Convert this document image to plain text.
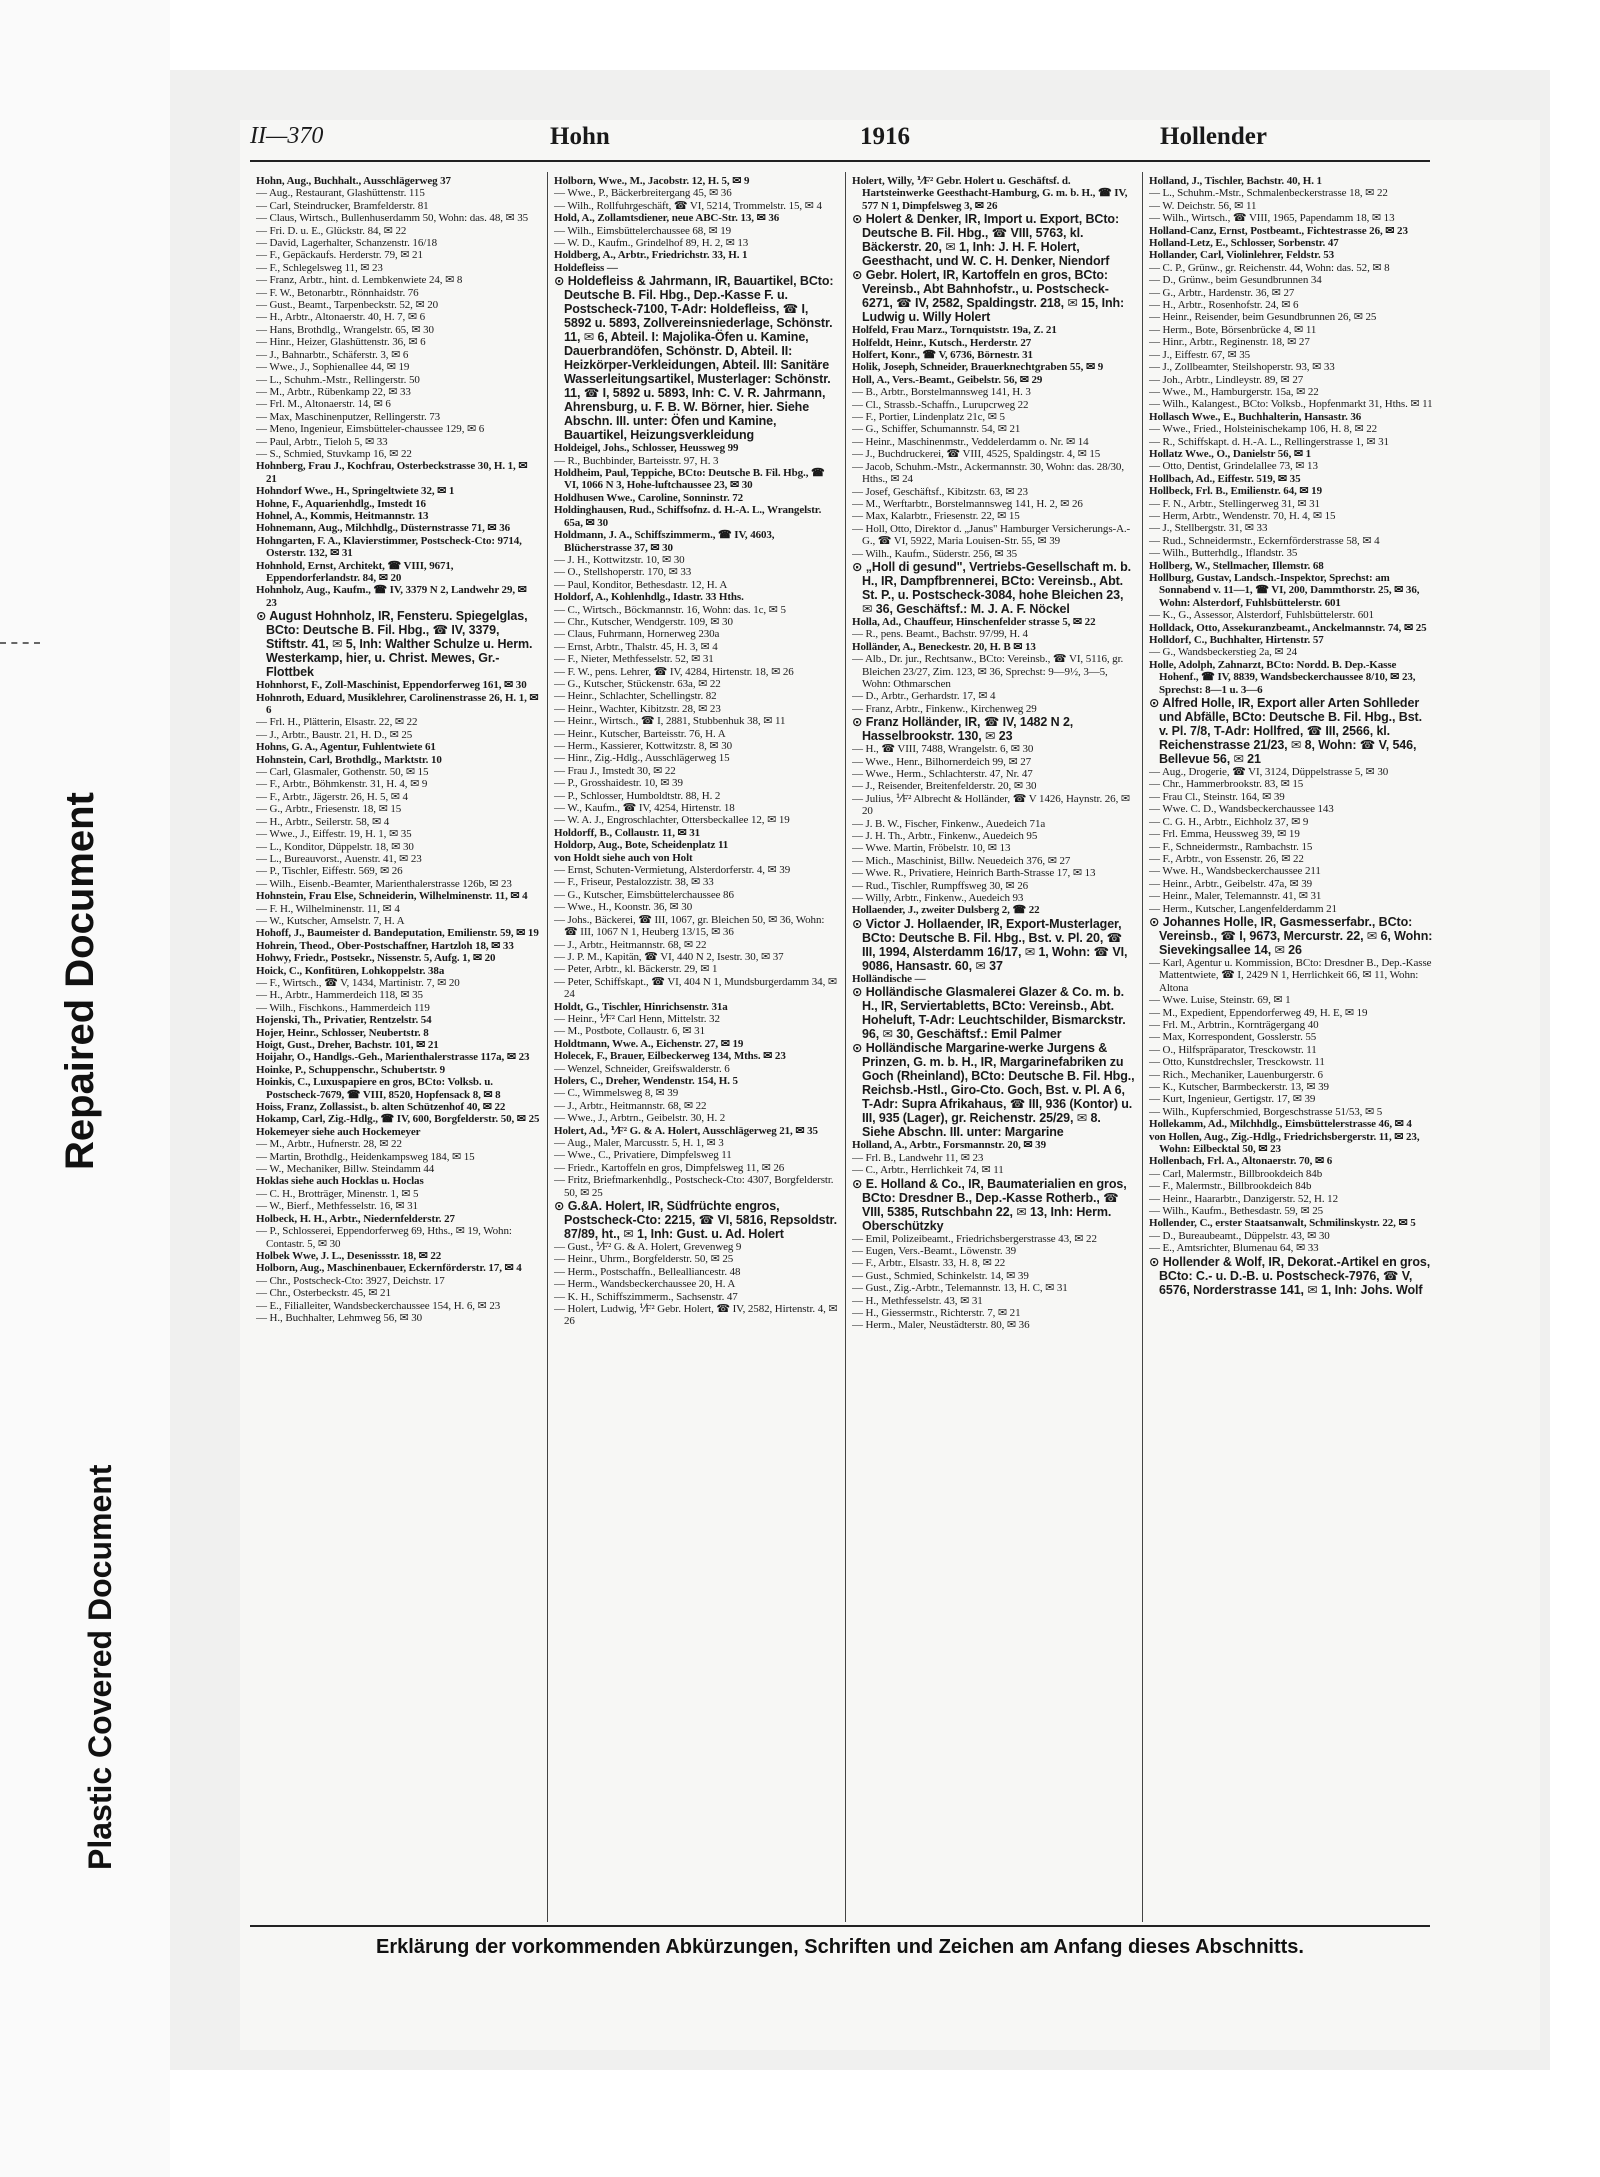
Repaired Document
Plastic Covered Document
II—370	Hohn	1916	Hollender

Hohn, Aug., Buchhalt., Ausschlägerweg 37

— Aug., Restaurant, Glashüttenstr. 115

— Carl, Steindrucker, Bramfelderstr. 81

— Claus, Wirtsch., Bullenhuserdamm 50, Wohn: das. 48, ✉ 35

— Fri. D. u. E., Glückstr. 84, ✉ 22

— David, Lagerhalter, Schanzenstr. 16/18

— F., Gepäckaufs. Herderstr. 79, ✉ 21

— F., Schlegelsweg 11, ✉ 23

— Franz, Arbtr., hint. d. Lembkenwiete 24, ✉ 8

— F. W., Betonarbtr., Rönnhaidstr. 76

— Gust., Beamt., Tarpenbeckstr. 52, ✉ 20

— H., Arbtr., Altonaerstr. 40, H. 7, ✉ 6

— Hans, Brothdlg., Wrangelstr. 65, ✉ 30

— Hinr., Heizer, Glashüttenstr. 36, ✉ 6

— J., Bahnarbtr., Schäferstr. 3, ✉ 6

— Wwe., J., Sophienallee 44, ✉ 19

— L., Schuhm.-Mstr., Rellingerstr. 50

— M., Arbtr., Rübenkamp 22, ✉ 33

— Frl. M., Altonaerstr. 14, ✉ 6

— Max, Maschinenputzer, Rellingerstr. 73

— Meno, Ingenieur, Eimsbütteler-chaussee 129, ✉ 6

— Paul, Arbtr., Tieloh 5, ✉ 33

— S., Schmied, Stuvkamp 16, ✉ 22

Hohnberg, Frau J., Kochfrau, Osterbeckstrasse 30, H. 1, ✉ 21

Hohndorf Wwe., H., Springeltwiete 32, ✉ 1

Hohne, F., Aquarienhdlg., Imstedt 16

Hohnel, A., Kommis, Heitmannstr. 13

Hohnemann, Aug., Milchhdlg., Düsternstrasse 71, ✉ 36

Hohngarten, F. A., Klavierstimmer, Postscheck-Cto: 9714, Osterstr. 132, ✉ 31

Hohnhold, Ernst, Architekt, ☎ VIII, 9671, Eppendorferlandstr. 84, ✉ 20

Hohnholz, Aug., Kaufm., ☎ IV, 3379 N 2, Landwehr 29, ✉ 23

⊙ August Hohnholz, IR, Fensteru. Spiegelglas, BCto: Deutsche B. Fil. Hbg., ☎ IV, 3379, Stiftstr. 41, ✉ 5, Inh: Walther Schulze u. Herm. Westerkamp, hier, u. Christ. Mewes, Gr.-Flottbek

Hohnhorst, F., Zoll-Maschinist, Eppendorferweg 161, ✉ 30

Hohnroth, Eduard, Musiklehrer, Carolinenstrasse 26, H. 1, ✉ 6

— Frl. H., Plätterin, Elsastr. 22, ✉ 22

— J., Arbtr., Baustr. 21, H. D., ✉ 25

Hohns, G. A., Agentur, Fuhlentwiete 61

Hohnstein, Carl, Brothdlg., Marktstr. 10

— Carl, Glasmaler, Gothenstr. 50, ✉ 15

— F., Arbtr., Böhmkenstr. 31, H. 4, ✉ 9

— F., Arbtr., Jägerstr. 26, H. 5, ✉ 4

— G., Arbtr., Friesenstr. 18, ✉ 15

— H., Arbtr., Seilerstr. 58, ✉ 4

— Wwe., J., Eiffestr. 19, H. 1, ✉ 35

— L., Konditor, Düppelstr. 18, ✉ 30

— L., Bureauvorst., Auenstr. 41, ✉ 23

— P., Tischler, Eiffestr. 569, ✉ 26

— Wilh., Eisenb.-Beamter, Marienthalerstrasse 126b, ✉ 23

Hohnstein, Frau Else, Schneiderin, Wilhelminenstr. 11, ✉ 4

— F. H., Wilhelminenstr. 11, ✉ 4

— W., Kutscher, Amselstr. 7, H. A

Hohoff, J., Baumeister d. Bandeputation, Emilienstr. 59, ✉ 19

Hohrein, Theod., Ober-Postschaffner, Hartzloh 18, ✉ 33

Hohwy, Friedr., Postsekr., Nissenstr. 5, Aufg. 1, ✉ 20

Hoick, C., Konfitüren, Lohkoppelstr. 38a

— F., Wirtsch., ☎ V, 1434, Martinistr. 7, ✉ 20

— H., Arbtr., Hammerdeich 118, ✉ 35

— Wilh., Fischkons., Hammerdeich 119

Hojenski, Th., Privatier, Rentzelstr. 54

Hojer, Heinr., Schlosser, Neubertstr. 8

Hoigt, Gust., Dreher, Bachstr. 101, ✉ 21

Hoijahr, O., Handlgs.-Geh., Marienthalerstrasse 117a, ✉ 23

Hoinke, P., Schuppenschr., Schubertstr. 9

Hoinkis, C., Luxuspapiere en gros, BCto: Volksb. u. Postscheck-7679, ☎ VIII, 8520, Hopfensack 8, ✉ 8

Hoiss, Franz, Zollassist., b. alten Schützenhof 40, ✉ 22

Hokamp, Carl, Zig.-Hdlg., ☎ IV, 600, Borgfelderstr. 50, ✉ 25

Hokemeyer siehe auch Hockemeyer

— M., Arbtr., Hufnerstr. 28, ✉ 22

— Martin, Brothdlg., Heidenkampsweg 184, ✉ 15

— W., Mechaniker, Billw. Steindamm 44

Hoklas siehe auch Hocklas u. Hoclas

— C. H., Brotträger, Minenstr. 1, ✉ 5

— W., Bierf., Methfesselstr. 16, ✉ 31

Holbeck, H. H., Arbtr., Niedernfelderstr. 27

— P., Schlosserei, Eppendorferweg 69, Hths., ✉ 19, Wohn: Contastr. 5, ✉ 30

Holbek Wwe, J. L., Desenissstr. 18, ✉ 22

Holborn, Aug., Maschinenbauer, Eckernförderstr. 17, ✉ 4

— Chr., Postscheck-Cto: 3927, Deichstr. 17

— Chr., Osterbeckstr. 45, ✉ 21

— E., Filialleiter, Wandsbeckerchaussee 154, H. 6, ✉ 23

— H., Buchhalter, Lehmweg 56, ✉ 30

Holborn, Wwe., M., Jacobstr. 12, H. 5, ✉ 9

— Wwe., P., Bäckerbreitergang 45, ✉ 36

— Wilh., Rollfuhrgeschäft, ☎ VI, 5214, Trommelstr. 15, ✉ 4

Hold, A., Zollamtsdiener, neue ABC-Str. 13, ✉ 36

— Wilh., Eimsbüttelerchaussee 68, ✉ 19

— W. D., Kaufm., Grindelhof 89, H. 2, ✉ 13

Holdberg, A., Arbtr., Friedrichstr. 33, H. 1

Holdefleiss —

⊙ Holdefleiss & Jahrmann, IR, Bauartikel, BCto: Deutsche B. Fil. Hbg., Dep.-Kasse F. u. Postscheck-7100, T-Adr: Holdefleiss, ☎ I, 5892 u. 5893, Zollvereinsniederlage, Schönstr. 11, ✉ 6, Abteil. I: Majolika-Öfen u. Kamine, Dauerbrandöfen, Schönstr. D, Abteil. II: Heizkörper-Verkleidungen, Abteil. III: Sanitäre Wasserleitungsartikel, Musterlager: Schönstr. 11, ☎ I, 5892 u. 5893, Inh: C. V. R. Jahrmann, Ahrensburg, u. F. B. W. Börner, hier. Siehe Abschn. III. unter: Öfen und Kamine, Bauartikel, Heizungsverkleidung

Holdeigel, Johs., Schlosser, Heussweg 99

— R., Buchbinder, Barteisstr. 97, H. 3

Holdheim, Paul, Teppiche, BCto: Deutsche B. Fil. Hbg., ☎ VI, 1066 N 3, Hohe-luftchaussee 23, ✉ 30

Holdhusen Wwe., Caroline, Sonninstr. 72

Holdinghausen, Rud., Schiffsofnz. d. H.-A. L., Wrangelstr. 65a, ✉ 30

Holdmann, J. A., Schiffszimmerm., ☎ IV, 4603, Blücherstrasse 37, ✉ 30

— J. H., Kottwitzstr. 10, ✉ 30

— O., Stellshoperstr. 170, ✉ 33

— Paul, Konditor, Bethesdastr. 12, H. A

Holdorf, A., Kohlenhdlg., Idastr. 33 Hths.

— C., Wirtsch., Böckmannstr. 16, Wohn: das. 1c, ✉ 5

— Chr., Kutscher, Wendgerstr. 109, ✉ 30

— Claus, Fuhrmann, Hornerweg 230a

— Ernst, Arbtr., Thalstr. 45, H. 3, ✉ 4

— F., Nieter, Methfesselstr. 52, ✉ 31

— F. W., pens. Lehrer, ☎ IV, 4284, Hirtenstr. 18, ✉ 26

— G., Kutscher, Stückenstr. 63a, ✉ 22

— Heinr., Schlachter, Schellingstr. 82

— Heinr., Wachter, Kibitzstr. 28, ✉ 23

— Heinr., Wirtsch., ☎ I, 2881, Stubbenhuk 38, ✉ 11

— Heinr., Kutscher, Barteisstr. 76, H. A

— Herm., Kassierer, Kottwitzstr. 8, ✉ 30

— Hinr., Zig.-Hdlg., Ausschlägerweg 15

— Frau J., Imstedt 30, ✉ 22

— P., Grosshaidestr. 10, ✉ 39

— P., Schlosser, Humboldtstr. 88, H. 2

— W., Kaufm., ☎ IV, 4254, Hirtenstr. 18

— W. A. J., Engroschlachter, Ottersbeckallee 12, ✉ 19

Holdorff, B., Collaustr. 11, ✉ 31

Holdorp, Aug., Bote, Scheidenplatz 11

von Holdt siehe auch von Holt

— Ernst, Schuten-Vermietung, Alsterdorferstr. 4, ✉ 39

— F., Friseur, Pestalozzistr. 38, ✉ 33

— G., Kutscher, Eimsbüttelerchaussee 86

— Wwe., H., Koonstr. 36, ✉ 30

— Johs., Bäckerei, ☎ III, 1067, gr. Bleichen 50, ✉ 36, Wohn: ☎ III, 1067 N 1, Heuberg 13/15, ✉ 36

— J., Arbtr., Heitmannstr. 68, ✉ 22

— J. P. M., Kapitän, ☎ VI, 440 N 2, Isestr. 30, ✉ 37

— Peter, Arbtr., kl. Bäckerstr. 29, ✉ 1

— Peter, Schiffskapt., ☎ VI, 404 N 1, Mundsburgerdamm 34, ✉ 24

Holdt, G., Tischler, Hinrichsenstr. 31a

— Heinr., ⅟F² Carl Henn, Mittelstr. 32

— M., Postbote, Collaustr. 6, ✉ 31

Holdtmann, Wwe. A., Eichenstr. 27, ✉ 19

Holecek, F., Brauer, Eilbeckerweg 134, Mths. ✉ 23

— Wenzel, Schneider, Greifswalderstr. 6

Holers, C., Dreher, Wendenstr. 154, H. 5

— C., Wimmelsweg 8, ✉ 39

— J., Arbtr., Heitmannstr. 68, ✉ 22

— Wwe., J., Arbtrn., Geibelstr. 30, H. 2

Holert, Ad., ⅟F² G. & A. Holert, Ausschlägerweg 21, ✉ 35

— Aug., Maler, Marcusstr. 5, H. 1, ✉ 3

— Wwe., C., Privatiere, Dimpfelsweg 11

— Friedr., Kartoffeln en gros, Dimpfelsweg 11, ✉ 26

— Fritz, Briefmarkenhdlg., Postscheck-Cto: 4307, Borgfelderstr. 50, ✉ 25

⊙ G.&A. Holert, IR, Südfrüchte engros, Postscheck-Cto: 2215, ☎ VI, 5816, Repsoldstr. 87/89, ht., ✉ 1, Inh: Gust. u. Ad. Holert

— Gust., ⅟F² G. & A. Holert, Grevenweg 9

— Heinr., Uhrm., Borgfelderstr. 50, ✉ 25

— Herm., Postschaffn., Bellealliancestr. 48

— Herm., Wandsbeckerchaussee 20, H. A

— K. H., Schiffszimmerm., Sachsenstr. 47

— Holert, Ludwig, ⅟F² Gebr. Holert, ☎ IV, 2582, Hirtenstr. 4, ✉ 26

Holert, Willy, ⅟F² Gebr. Holert u. Geschäftsf. d. Hartsteinwerke Geesthacht-Hamburg, G. m. b. H., ☎ IV, 577 N 1, Dimpfelsweg 3, ✉ 26

⊙ Holert & Denker, IR, Import u. Export, BCto: Deutsche B. Fil. Hbg., ☎ VIII, 5763, kl. Bäckerstr. 20, ✉ 1, Inh: J. H. F. Holert, Geesthacht, und W. C. H. Denker, Niendorf

⊙ Gebr. Holert, IR, Kartoffeln en gros, BCto: Vereinsb., Abt Bahnhofstr., u. Postscheck-6271, ☎ IV, 2582, Spaldingstr. 218, ✉ 15, Inh: Ludwig u. Willy Holert

Holfeld, Frau Marz., Tornquiststr. 19a, Z. 21

Holfeldt, Heinr., Kutsch., Herderstr. 27

Holfert, Konr., ☎ V, 6736, Börnestr. 31

Holik, Joseph, Schneider, Brauerknechtgraben 55, ✉ 9

Holl, A., Vers.-Beamt., Geibelstr. 56, ✉ 29

— B., Arbtr., Borstelmannsweg 141, H. 3

— Cl., Strassb.-Schaffn., Lurupcrweg 22

— F., Portier, Lindenplatz 21c, ✉ 5

— G., Schiffer, Schumannstr. 54, ✉ 21

— Heinr., Maschinenmstr., Veddelerdamm o. Nr. ✉ 14

— J., Buchdruckerei, ☎ VIII, 4525, Spaldingstr. 4, ✉ 15

— Jacob, Schuhm.-Mstr., Ackermannstr. 30, Wohn: das. 28/30, Hths., ✉ 24

— Josef, Geschäftsf., Kibitzstr. 63, ✉ 23

— M., Werftarbtr., Borstelmannsweg 141, H. 2, ✉ 26

— Max, Kalarbtr., Friesenstr. 22, ✉ 15

— Holl, Otto, Direktor d. „Janus" Hamburger Versicherungs-A.-G., ☎ VI, 5922, Maria Louisen-Str. 55, ✉ 39

— Wilh., Kaufm., Süderstr. 256, ✉ 35

⊙ „Holl di gesund", Vertriebs-Gesellschaft m. b. H., IR, Dampfbrennerei, BCto: Vereinsb., Abt. St. P., u. Postscheck-3084, hohe Bleichen 23, ✉ 36, Geschäftsf.: M. J. A. F. Nöckel

Holla, Ad., Chauffeur, Hinschenfelder strasse 5, ✉ 22

— R., pens. Beamt., Bachstr. 97/99, H. 4

Holländer, A., Beneckestr. 20, H. B ✉ 13

— Alb., Dr. jur., Rechtsanw., BCto: Vereinsb., ☎ VI, 5116, gr. Bleichen 23/27, Zim. 123, ✉ 36, Sprechst: 9—9½, 3—5, Wohn: Othmarschen

— D., Arbtr., Gerhardstr. 17, ✉ 4

— Franz, Arbtr., Finkenw., Kirchenweg 29

⊙ Franz Holländer, IR, ☎ IV, 1482 N 2, Hasselbrookstr. 130, ✉ 23

— H., ☎ VIII, 7488, Wrangelstr. 6, ✉ 30

— Wwe., Henr., Bilhornerdeich 99, ✉ 27

— Wwe., Herm., Schlachterstr. 47, Nr. 47

— J., Reisender, Breitenfelderstr. 20, ✉ 30

— Julius, ⅟F² Albrecht & Holländer, ☎ V 1426, Haynstr. 26, ✉ 20

— J. B. W., Fischer, Finkenw., Auedeich 71a

— J. H. Th., Arbtr., Finkenw., Auedeich 95

— Wwe. Martin, Fröbelstr. 10, ✉ 13

— Mich., Maschinist, Billw. Neuedeich 376, ✉ 27

— Wwe. R., Privatiere, Heinrich Barth-Strasse 17, ✉ 13

— Rud., Tischler, Rumpffsweg 30, ✉ 26

— Willy, Arbtr., Finkenw., Auedeich 93

Hollaender, J., zweiter Dulsberg 2, ☎ 22

⊙ Victor J. Hollaender, IR, Export-Musterlager, BCto: Deutsche B. Fil. Hbg., Bst. v. Pl. 20, ☎ III, 1994, Alsterdamm 16/17, ✉ 1, Wohn: ☎ VI, 9086, Hansastr. 60, ✉ 37

Holländische —

⊙ Holländische Glasmalerei Glazer & Co. m. b. H., IR, Serviertabletts, BCto: Vereinsb., Abt. Hoheluft, T-Adr: Leuchtschilder, Bismarckstr. 96, ✉ 30, Geschäftsf.: Emil Palmer

⊙ Holländische Margarine-werke Jurgens & Prinzen, G. m. b. H., IR, Margarinefabriken zu Goch (Rheinland), BCto: Deutsche B. Fil. Hbg., Reichsb.-Hstl., Giro-Cto. Goch, Bst. v. Pl. A 6, T-Adr: Supra Afrikahaus, ☎ III, 936 (Kontor) u. III, 935 (Lager), gr. Reichenstr. 25/29, ✉ 8. Siehe Abschn. III. unter: Margarine

Holland, A., Arbtr., Forsmannstr. 20, ✉ 39

— Frl. B., Landwehr 11, ✉ 23

— C., Arbtr., Herrlichkeit 74, ✉ 11

⊙ E. Holland & Co., IR, Baumaterialien en gros, BCto: Dresdner B., Dep.-Kasse Rotherb., ☎ VIII, 5385, Rutschbahn 22, ✉ 13, Inh: Herm. Oberschützky

— Emil, Polizeibeamt., Friedrichsbergerstrasse 43, ✉ 22

— Eugen, Vers.-Beamt., Löwenstr. 39

— F., Arbtr., Elsastr. 33, H. 8, ✉ 22

— Gust., Schmied, Schinkelstr. 14, ✉ 39

— Gust., Zig.-Arbtr., Telemannstr. 13, H. C, ✉ 31

— H., Methfesselstr. 43, ✉ 31

— H., Giessermstr., Richterstr. 7, ✉ 21

— Herm., Maler, Neustädterstr. 80, ✉ 36

Holland, J., Tischler, Bachstr. 40, H. 1

— L., Schuhm.-Mstr., Schmalenbeckerstrasse 18, ✉ 22

— W. Deichstr. 56, ✉ 11

— Wilh., Wirtsch., ☎ VIII, 1965, Papendamm 18, ✉ 13

Holland-Canz, Ernst, Postbeamt., Fichtestrasse 26, ✉ 23

Holland-Letz, E., Schlosser, Sorbenstr. 47

Hollander, Carl, Violinlehrer, Feldstr. 53

— C. P., Grünw., gr. Reichenstr. 44, Wohn: das. 52, ✉ 8

— D., Grünw., beim Gesundbrunnen 34

— G., Arbtr., Hardenstr. 36, ✉ 27

— H., Arbtr., Rosenhofstr. 24, ✉ 6

— Heinr., Reisender, beim Gesundbrunnen 26, ✉ 25

— Herm., Bote, Börsenbrücke 4, ✉ 11

— Hinr., Arbtr., Reginenstr. 18, ✉ 27

— J., Eiffestr. 67, ✉ 35

— J., Zollbeamter, Steilshoperstr. 93, ✉ 33

— Joh., Arbtr., Lindleystr. 89, ✉ 27

— Wwe., M., Hamburgerstr. 15a, ✉ 22

— Wilh., Kalangest., BCto: Volksb., Hopfenmarkt 31, Hths. ✉ 11

Hollasch Wwe., E., Buchhalterin, Hansastr. 36

— Wwe., Fried., Holsteinischekamp 106, H. 8, ✉ 22

— R., Schiffskapt. d. H.-A. L., Rellingerstrasse 1, ✉ 31

Hollatz Wwe., O., Danielstr 56, ✉ 1

— Otto, Dentist, Grindelallee 73, ✉ 13

Hollbach, Ad., Eiffestr. 519, ✉ 35

Hollbeck, Frl. B., Emilienstr. 64, ✉ 19

— F. N., Arbtr., Stellingerweg 31, ✉ 31

— Herm, Arbtr., Wendenstr. 70, H. 4, ✉ 15

— J., Stellbergstr. 31, ✉ 33

— Rud., Schneidermstr., Eckernförderstrasse 58, ✉ 4

— Wilh., Butterhdlg., Iflandstr. 35

Hollberg, W., Stellmacher, Illemstr. 68

Hollburg, Gustav, Landsch.-Inspektor, Sprechst: am Sonnabend v. 11—1, ☎ VI, 200, Dammthorstr. 25, ✉ 36, Wohn: Alsterdorf, Fuhlsbüttelerstr. 601

— K., G., Assessor, Alsterdorf, Fuhlsbüttelerstr. 601

Holldack, Otto, Assekuranzbeamt., Anckelmannstr. 74, ✉ 25

Holldorf, C., Buchhalter, Hirtenstr. 57

— G., Wandsbeckerstieg 2a, ✉ 24

Holle, Adolph, Zahnarzt, BCto: Nordd. B. Dep.-Kasse Hohenf., ☎ IV, 8839, Wandsbeckerchaussee 8/10, ✉ 23, Sprechst: 8—1 u. 3—6

⊙ Alfred Holle, IR, Export aller Arten Sohlleder und Abfälle, BCto: Deutsche B. Fil. Hbg., Bst. v. Pl. 7/8, T-Adr: Hollfred, ☎ III, 2566, kl. Reichenstrasse 21/23, ✉ 8, Wohn: ☎ V, 546, Bellevue 56, ✉ 21

— Aug., Drogerie, ☎ VI, 3124, Düppelstrasse 5, ✉ 30

— Chr., Hammerbrookstr. 83, ✉ 15

— Frau Cl., Steinstr. 164, ✉ 39

— Wwe. C. D., Wandsbeckerchaussee 143

— C. G. H., Arbtr., Eichholz 37, ✉ 9

— Frl. Emma, Heussweg 39, ✉ 19

— F., Schneidermstr., Rambachstr. 15

— F., Arbtr., von Essenstr. 26, ✉ 22

— Wwe. H., Wandsbeckerchaussee 211

— Heinr., Arbtr., Geibelstr. 47a, ✉ 39

— Heinr., Maler, Telemannstr. 41, ✉ 31

— Herm., Kutscher, Langenfelderdamm 21

⊙ Johannes Holle, IR, Gasmesserfabr., BCto: Vereinsb., ☎ I, 9673, Mercurstr. 22, ✉ 6, Wohn: Sievekingsallee 14, ✉ 26

— Karl, Agentur u. Kommission, BCto: Dresdner B., Dep.-Kasse Mattentwiete, ☎ I, 2429 N 1, Herrlichkeit 66, ✉ 11, Wohn: Altona

— Wwe. Luise, Steinstr. 69, ✉ 1

— M., Expedient, Eppendorferweg 49, H. E, ✉ 19

— Frl. M., Arbtrin., Kornträgergang 40

— Max, Korrespondent, Gosslerstr. 55

— O., Hilfspräparator, Tresckowstr. 11

— Otto, Kunstdrechsler, Tresckowstr. 11

— Rich., Mechaniker, Lauenburgerstr. 6

— K., Kutscher, Barmbeckerstr. 13, ✉ 39

— Kurt, Ingenieur, Gertigstr. 17, ✉ 39

— Wilh., Kupferschmied, Borgeschstrasse 51/53, ✉ 5

Hollekamm, Ad., Milchhdlg., Eimsbüttelerstrasse 46, ✉ 4

von Hollen, Aug., Zig.-Hdlg., Friedrichsbergerstr. 11, ✉ 23, Wohn: Eilbecktal 50, ✉ 23

Hollenbach, Frl. A., Altonaerstr. 70, ✉ 6

— Carl, Malermstr., Billbrookdeich 84b

— F., Malermstr., Billbrookdeich 84b

— Heinr., Haararbtr., Danzigerstr. 52, H. 12

— Wilh., Kaufm., Bethesdastr. 59, ✉ 25

Hollender, C., erster Staatsanwalt, Schmilinskystr. 22, ✉ 5

— D., Bureaubeamt., Düppelstr. 43, ✉ 30

— E., Amtsrichter, Blumenau 64, ✉ 33

⊙ Hollender & Wolf, IR, Dekorat.-Artikel en gros, BCto: C.- u. D.-B. u. Postscheck-7976, ☎ V, 6576, Norderstrasse 141, ✉ 1, Inh: Johs. Wolf

Erklärung der vorkommenden Abkürzungen, Schriften und Zeichen am Anfang dieses Abschnitts.
